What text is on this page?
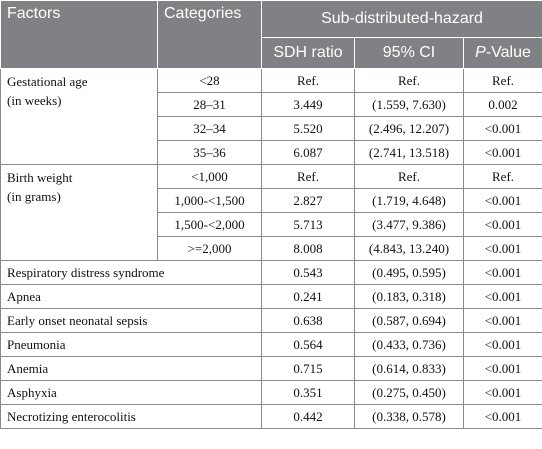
Factors	Categories	Sub-distributed-hazard		
		SDH ratio	95% CI	P-Value
Gestational age
(in weeks)	<28	Ref.	Ref.	Ref.
	28–31	3.449	(1.559, 7.630)	0.002
	32–34	5.520	(2.496, 12.207)	<0.001
	35–36	6.087	(2.741, 13.518)	<0.001
Birth weight
(in grams)	<1,000	Ref.	Ref.	Ref.
	1,000-<1,500	2.827	(1.719, 4.648)	<0.001
	1,500-<2,000	5.713	(3.477, 9.386)	<0.001
	>=2,000	8.008	(4.843, 13.240)	<0.001
Respiratory distress syndrome		0.543	(0.495, 0.595)	<0.001
Apnea		0.241	(0.183, 0.318)	<0.001
Early onset neonatal sepsis		0.638	(0.587, 0.694)	<0.001
Pneumonia		0.564	(0.433, 0.736)	<0.001
Anemia		0.715	(0.614, 0.833)	<0.001
Asphyxia		0.351	(0.275, 0.450)	<0.001
Necrotizing enterocolitis		0.442	(0.338, 0.578)	<0.001
